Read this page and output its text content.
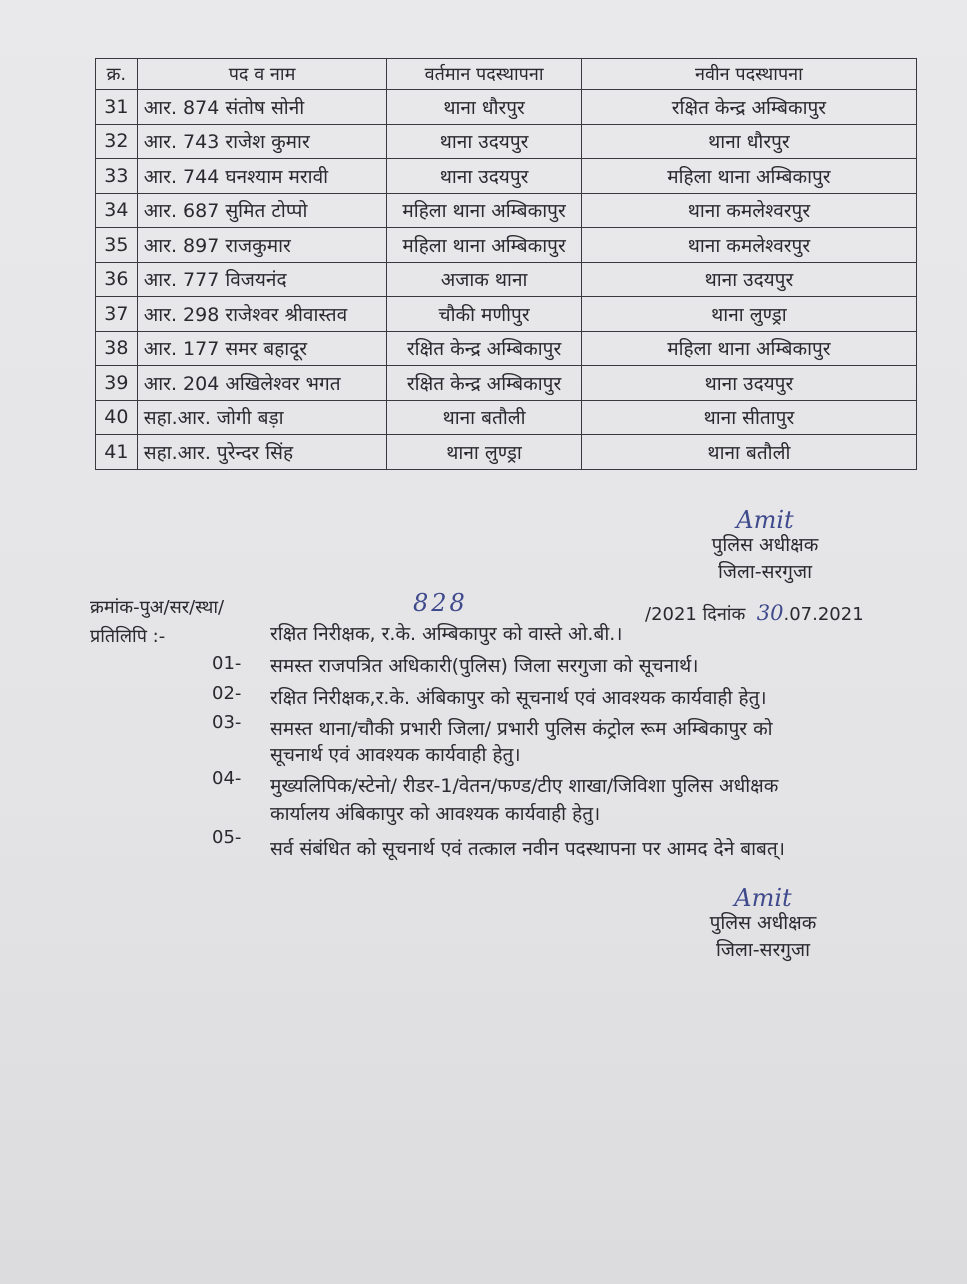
क्र.	पद व नाम	वर्तमान पदस्थापना	नवीन पदस्थापना
31	आर. 874 संतोष सोनी	थाना धौरपुर	रक्षित केन्द्र अम्बिकापुर
32	आर. 743 राजेश कुमार	थाना उदयपुर	थाना धौरपुर
33	आर. 744 घनश्याम मरावी	थाना उदयपुर	महिला थाना अम्बिकापुर
34	आर. 687 सुमित टोप्पो	महिला थाना अम्बिकापुर	थाना कमलेश्वरपुर
35	आर. 897 राजकुमार	महिला थाना अम्बिकापुर	थाना कमलेश्वरपुर
36	आर. 777 विजयनंद	अजाक थाना	थाना उदयपुर
37	आर. 298 राजेश्वर श्रीवास्तव	चौकी मणीपुर	थाना लुण्ड्रा
38	आर. 177 समर बहादूर	रक्षित केन्द्र अम्बिकापुर	महिला थाना अम्बिकापुर
39	आर. 204 अखिलेश्वर भगत	रक्षित केन्द्र अम्बिकापुर	थाना उदयपुर
40	सहा.आर. जोगी बड़ा	थाना बतौली	थाना सीतापुर
41	सहा.आर. पुरेन्दर सिंह	थाना लुण्ड्रा	थाना बतौली
Amit
पुलिस अधीक्षक
जिला-सरगुजा
क्रमांक-पुअ/सर/स्था/	828	/2021 दिनांक 30.07.2021
प्रतिलिपि :-	रक्षित निरीक्षक, र.के. अम्बिकापुर को वास्ते ओ.बी.।
01- समस्त राजपत्रित अधिकारी(पुलिस) जिला सरगुजा को सूचनार्थ।
02- रक्षित निरीक्षक,र.के. अंबिकापुर को सूचनार्थ एवं आवश्यक कार्यवाही हेतु।
03- समस्त थाना/चौकी प्रभारी जिला/ प्रभारी पुलिस कंट्रोल रूम अम्बिकापुर को
सूचनार्थ एवं आवश्यक कार्यवाही हेतु।
04- मुख्यलिपिक/स्टेनो/ रीडर-1/वेतन/फण्ड/टीए शाखा/जिविशा पुलिस अधीक्षक
कार्यालय अंबिकापुर को आवश्यक कार्यवाही हेतु।
05-
सर्व संबंधित को सूचनार्थ एवं तत्काल नवीन पदस्थापना पर आमद देने बाबत्।
Amit
पुलिस अधीक्षक
जिला-सरगुजा
